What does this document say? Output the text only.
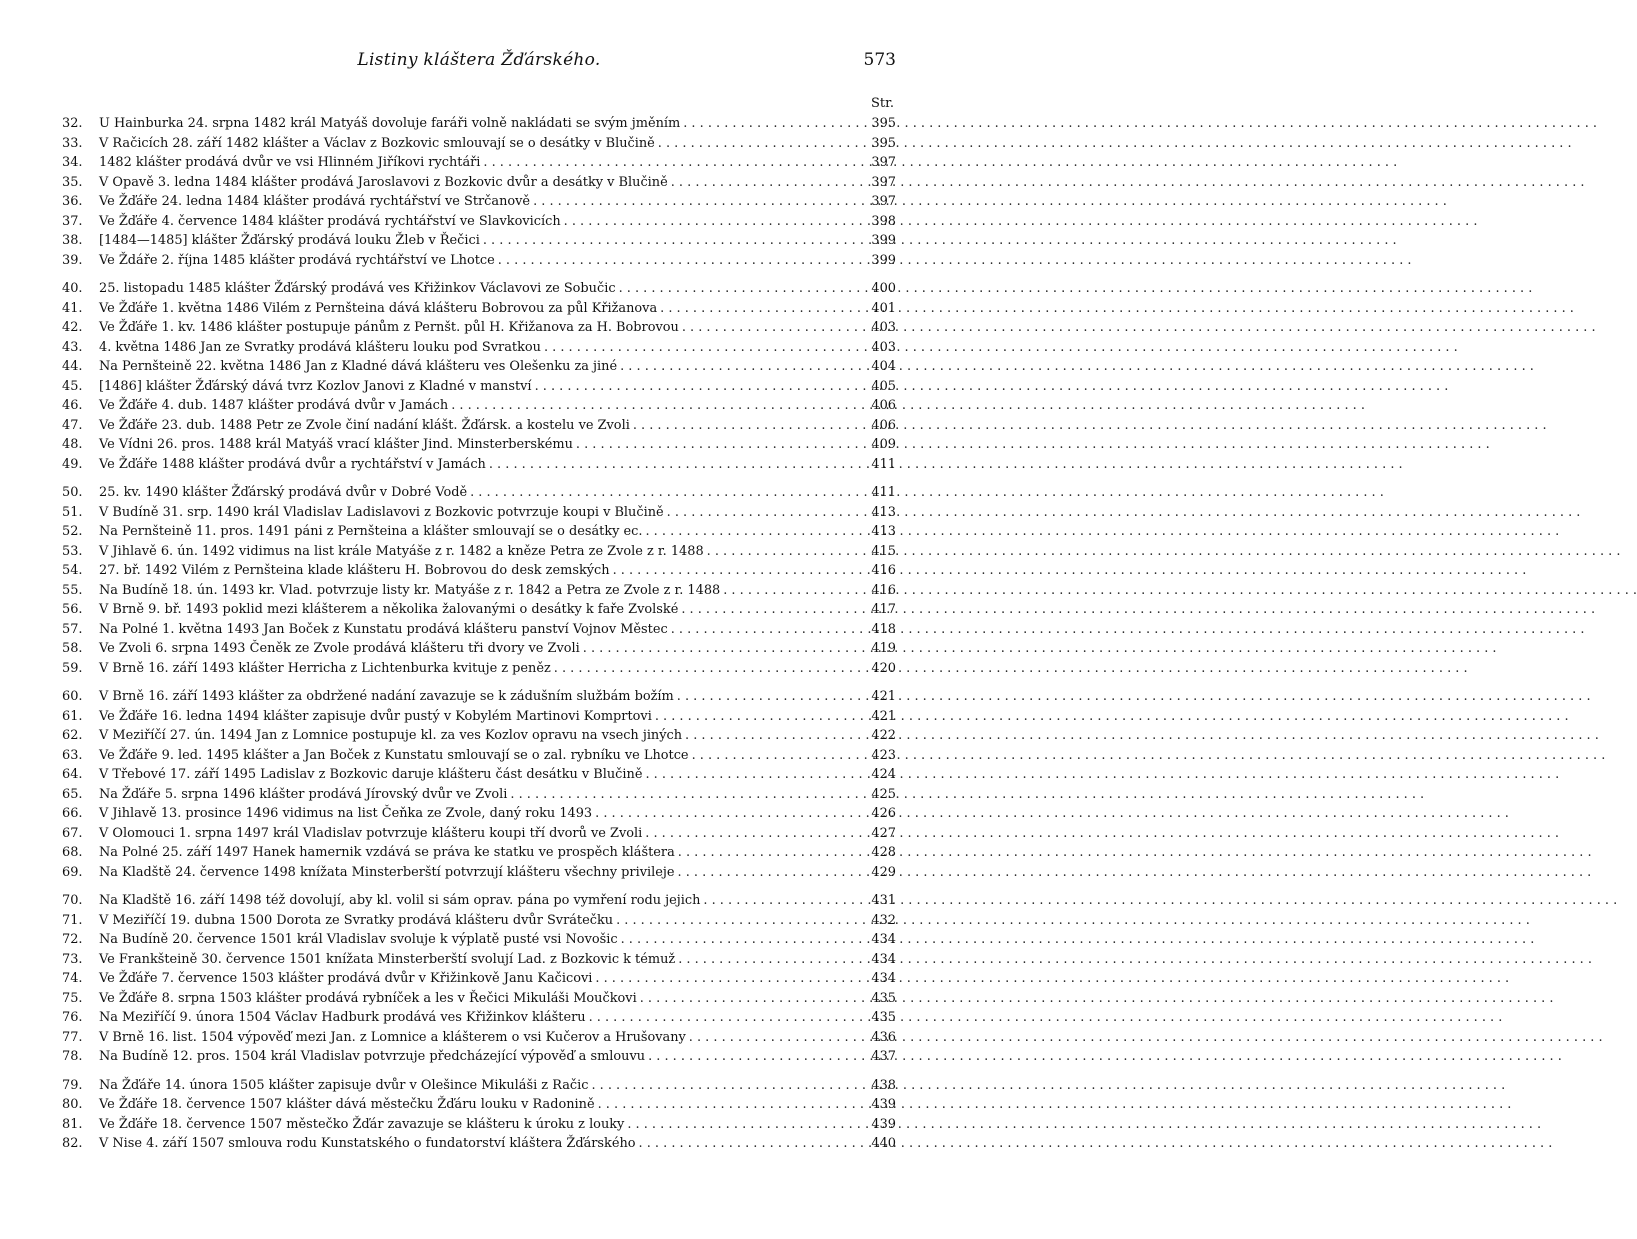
Listiny kláštera Žďárského.	573
Str.
32.	U Hainburka 24. srpna 1482 král Matyáš dovoluje faráři volně nakládati se svým jměním . . .	395
33.	V Račicích 28. září 1482 klášter a Václav z Bozkovic smlouvají se o desátky v Blučině . . .	395
34.	1482 klášter prodává dvůr ve vsi Hlinném Jiříkovi rychtáři . . .	397
35.	V Opavě 3. ledna 1484 klášter prodává Jaroslavovi z Bozkovic dvůr a desátky v Blučině . . .	397
36.	Ve Žďáře 24. ledna 1484 klášter prodává rychtářství ve Strčanově . . .	397
37.	Ve Žďáře 4. července 1484 klášter prodává rychtářství ve Slavkovicích . . .	398
38.	[1484—1485] klášter Žďárský prodává louku Žleb v Řečici . . .	399
39.	Ve Ždáře 2. října 1485 klášter prodává rychtářství ve Lhotce . . .	399
40.	25. listopadu 1485 klášter Žďárský prodává ves Křižinkov Václavovi ze Sobučic . . .	400
41.	Ve Žďáře 1. května 1486 Vilém z Pernšteina dává klášteru Bobrovou za půl Křižanova . . .	401
42.	Ve Žďáře 1. kv. 1486 klášter postupuje pánům z Pernšt. půl H. Křižanova za H. Bobrovou . . .	403
43.	4. května 1486 Jan ze Svratky prodává klášteru louku pod Svratkou . . .	403
44.	Na Pernšteině 22. května 1486 Jan z Kladné dává klášteru ves Olešenku za jiné . . .	404
45.	[1486] klášter Žďárský dává tvrz Kozlov Janovi z Kladné v manství . . .	405
46.	Ve Žďáře 4. dub. 1487 klášter prodává dvůr v Jamách . . .	406
47.	Ve Žďáře 23. dub. 1488 Petr ze Zvole činí nadání klášt. Žďársk. a kostelu ve Zvoli . . .	406
48.	Ve Vídni 26. pros. 1488 král Matyáš vrací klášter Jind. Minsterberskému . . .	409
49.	Ve Žďáře 1488 klášter prodává dvůr a rychtářství v Jamách . . .	411
50.	25. kv. 1490 klášter Žďárský prodává dvůr v Dobré Vodě . . .	411
51.	V Budíně 31. srp. 1490 král Vladislav Ladislavovi z Bozkovic potvrzuje koupi v Blučině . . .	413
52.	Na Pernšteině 11. pros. 1491 páni z Pernšteina a klášter smlouvají se o desátky ec. . . .	413
53.	V Jihlavě 6. ún. 1492 vidimus na list krále Matyáše z r. 1482 a kněze Petra ze Zvole z r. 1488 . . .	415
54.	27. bř. 1492 Vilém z Pernšteina klade klášteru H. Bobrovou do desk zemských . . .	416
55.	Na Budíně 18. ún. 1493 kr. Vlad. potvrzuje listy kr. Matyáše z r. 1842 a Petra ze Zvole z r. 1488 . . .	416
56.	V Brně 9. bř. 1493 poklid mezi klášterem a několika žalovanými o desátky k faře Zvolské . . .	417
57.	Na Polné 1. května 1493 Jan Boček z Kunstatu prodává klášteru panství Vojnov Městec . . .	418
58.	Ve Zvoli 6. srpna 1493 Čeněk ze Zvole prodává klášteru tři dvory ve Zvoli . . .	419
59.	V Brně 16. září 1493 klášter Herricha z Lichtenburka kvituje z peněz . . .	420
60.	V Brně 16. září 1493 klášter za obdržené nadání zavazuje se k zádušním službám božím . . .	421
61.	Ve Žďáře 16. ledna 1494 klášter zapisuje dvůr pustý v Kobylém Martinovi Komprtovi . . .	421
62.	V Meziříčí 27. ún. 1494 Jan z Lomnice postupuje kl. za ves Kozlov opravu na vsech jiných . . .	422
63.	Ve Žďáře 9. led. 1495 klášter a Jan Boček z Kunstatu smlouvají se o zal. rybníku ve Lhotce . . .	423
64.	V Třebové 17. září 1495 Ladislav z Bozkovic daruje klášteru část desátku v Blučině . . .	424
65.	Na Žďáře 5. srpna 1496 klášter prodává Jírovský dvůr ve Zvoli . . .	425
66.	V Jihlavě 13. prosince 1496 vidimus na list Čeňka ze Zvole, daný roku 1493 . . .	426
67.	V Olomouci 1. srpna 1497 král Vladislav potvrzuje klášteru koupi tří dvorů ve Zvoli . . .	427
68.	Na Polné 25. září 1497 Hanek hamernik vzdává se práva ke statku ve prospěch kláštera . . .	428
69.	Na Kladště 24. července 1498 knížata Minsterberští potvrzují klášteru všechny privileje . . .	429
70.	Na Kladště 16. září 1498 též dovolují, aby kl. volil si sám oprav. pána po vymření rodu jejich . . .	431
71.	V Meziříčí 19. dubna 1500 Dorota ze Svratky prodává klášteru dvůr Svrátečku . . .	432
72.	Na Budíně 20. července 1501 král Vladislav svoluje k výplatě pusté vsi Novošic . . .	434
73.	Ve Frankšteině 30. července 1501 knížata Minsterberští svolují Lad. z Bozkovic k témuž . . .	434
74.	Ve Žďáře 7. července 1503 klášter prodává dvůr v Křižinkově Janu Kačicovi . . .	434
75.	Ve Žďáře 8. srpna 1503 klášter prodává rybníček a les v Řečici Mikuláši Moučkovi . . .	435
76.	Na Meziříčí 9. února 1504 Václav Hadburk prodává ves Křižinkov klášteru . . .	435
77.	V Brně 16. list. 1504 výpověď mezi Jan. z Lomnice a klášterem o vsi Kučerov a Hrušovany . . .	436
78.	Na Budíně 12. pros. 1504 král Vladislav potvrzuje předcházející výpověď a smlouvu . . .	437
79.	Na Žďáře 14. února 1505 klášter zapisuje dvůr v Olešince Mikuláši z Račic . . .	438
80.	Ve Žďáře 18. července 1507 klášter dává městečku Žďáru louku v Radonině . . .	439
81.	Ve Žďáře 18. července 1507 městečko Žďár zavazuje se klášteru k úroku z louky . . .	439
82.	V Nise 4. září 1507 smlouva rodu Kunstatského o fundatorství kláštera Žďárského . . .	440
